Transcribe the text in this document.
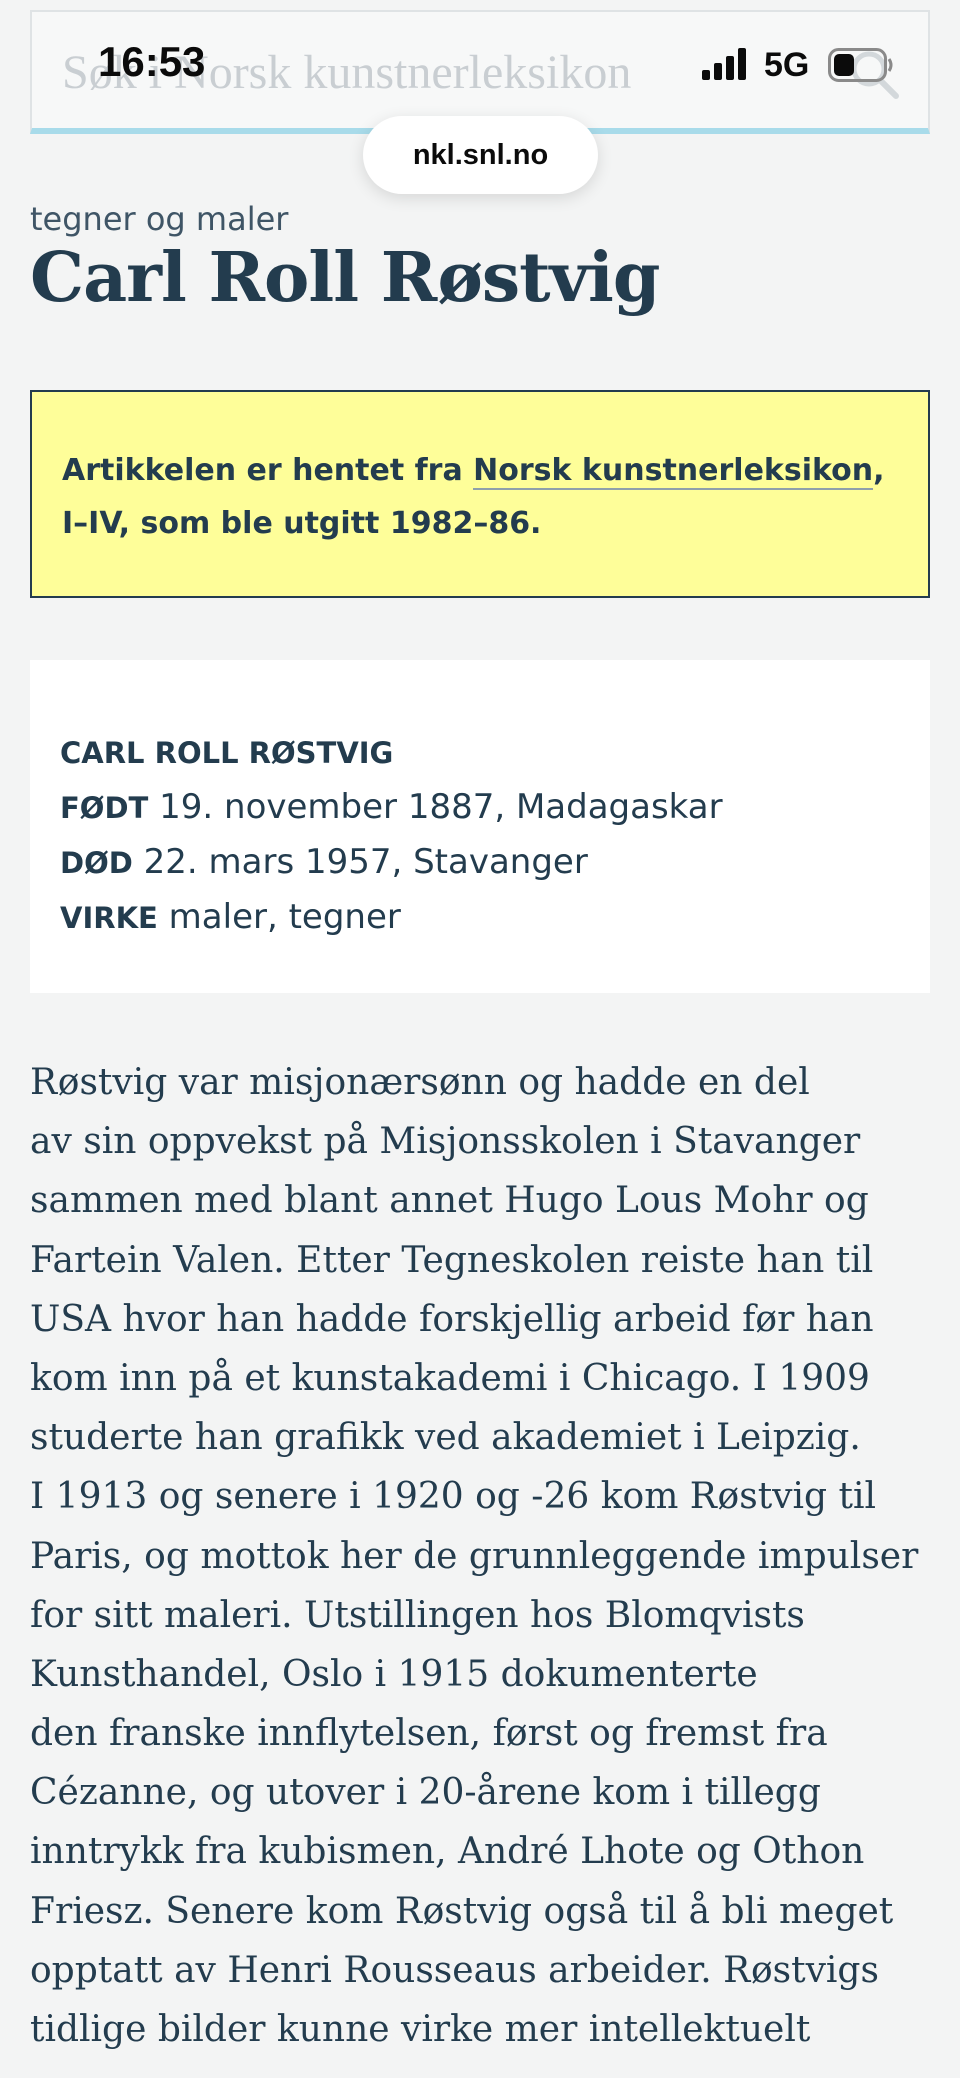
Søk i Norsk kunstnerleksikon
16:53	5G
nkl.snl.no
tegner og maler
Carl Roll Røstvig
Artikkelen er hentet fra Norsk kunstnerleksikon,
I–IV, som ble utgitt 1982–86.
CARL ROLL RØSTVIG
FØDT 19. november 1887, Madagaskar
DØD 22. mars 1957, Stavanger
VIRKE maler, tegner
Røstvig var misjonærsønn og hadde en del
av sin oppvekst på Misjonsskolen i Stavanger
sammen med blant annet Hugo Lous Mohr og
Fartein Valen. Etter Tegneskolen reiste han til
USA hvor han hadde forskjellig arbeid før han
kom inn på et kunstakademi i Chicago. I 1909
studerte han grafikk ved akademiet i Leipzig.
I 1913 og senere i 1920 og -26 kom Røstvig til
Paris, og mottok her de grunnleggende impulser
for sitt maleri. Utstillingen hos Blomqvists
Kunsthandel, Oslo i 1915 dokumenterte
den franske innflytelsen, først og fremst fra
Cézanne, og utover i 20-årene kom i tillegg
inntrykk fra kubismen, André Lhote og Othon
Friesz. Senere kom Røstvig også til å bli meget
opptatt av Henri Rousseaus arbeider. Røstvigs
tidlige bilder kunne virke mer intellektuelt
